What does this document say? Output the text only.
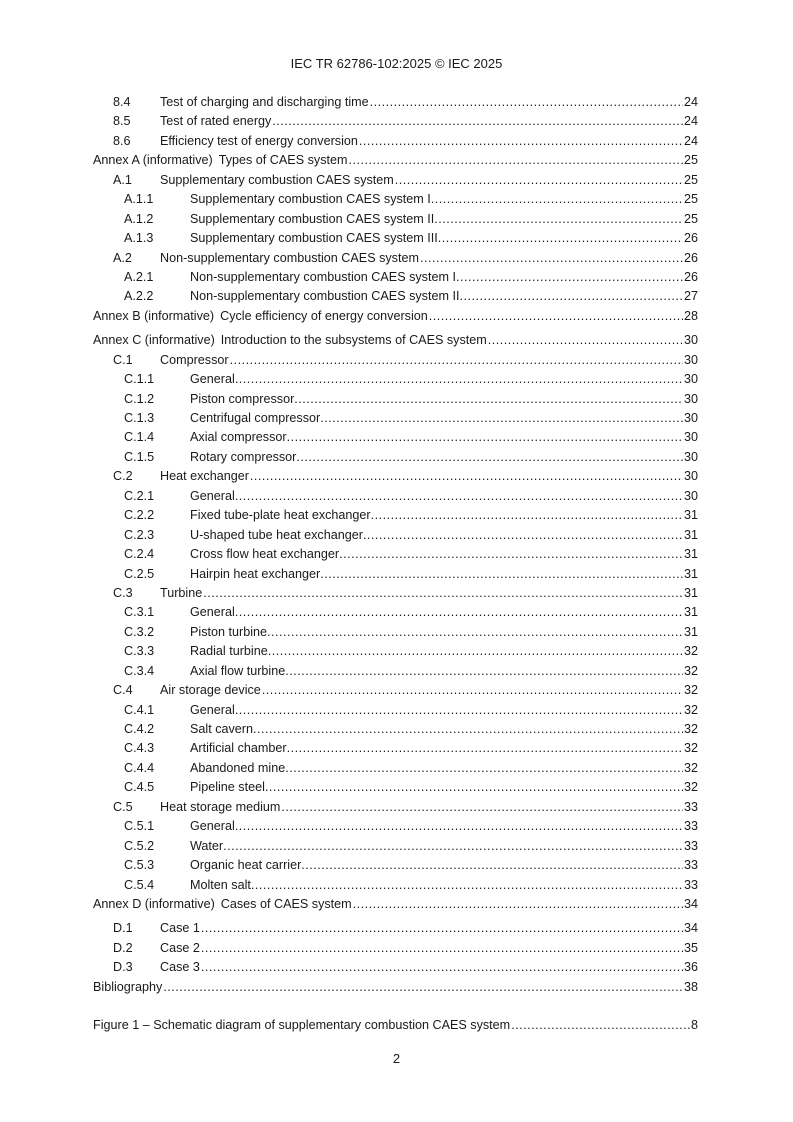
IEC TR 62786-102:2025 © IEC 2025
8.4	Test of charging and discharging time .....	24
8.5	Test of rated energy .....	24
8.6	Efficiency test of energy conversion .....	24
Annex A (informative) Types of CAES system .....	25
A.1	Supplementary combustion CAES system .....	25
A.1.1	Supplementary combustion CAES system I .....	25
A.1.2	Supplementary combustion CAES system II .....	25
A.1.3	Supplementary combustion CAES system III .....	26
A.2	Non-supplementary combustion CAES system .....	26
A.2.1	Non-supplementary combustion CAES system I .....	26
A.2.2	Non-supplementary combustion CAES system II .....	27
Annex B (informative) Cycle efficiency of energy conversion .....	28
Annex C (informative) Introduction to the subsystems of CAES system .....	30
C.1	Compressor .....	30
C.1.1	General .....	30
C.1.2	Piston compressor .....	30
C.1.3	Centrifugal compressor .....	30
C.1.4	Axial compressor .....	30
C.1.5	Rotary compressor .....	30
C.2	Heat exchanger .....	30
C.2.1	General .....	30
C.2.2	Fixed tube-plate heat exchanger .....	31
C.2.3	U-shaped tube heat exchanger .....	31
C.2.4	Cross flow heat exchanger .....	31
C.2.5	Hairpin heat exchanger .....	31
C.3	Turbine .....	31
C.3.1	General .....	31
C.3.2	Piston turbine .....	31
C.3.3	Radial turbine .....	32
C.3.4	Axial flow turbine .....	32
C.4	Air storage device .....	32
C.4.1	General .....	32
C.4.2	Salt cavern .....	32
C.4.3	Artificial chamber .....	32
C.4.4	Abandoned mine .....	32
C.4.5	Pipeline steel .....	32
C.5	Heat storage medium .....	33
C.5.1	General .....	33
C.5.2	Water .....	33
C.5.3	Organic heat carrier .....	33
C.5.4	Molten salt .....	33
Annex D (informative) Cases of CAES system .....	34
D.1	Case 1 .....	34
D.2	Case 2 .....	35
D.3	Case 3 .....	36
Bibliography .....	38
Figure 1 – Schematic diagram of supplementary combustion CAES system .....	8
2
